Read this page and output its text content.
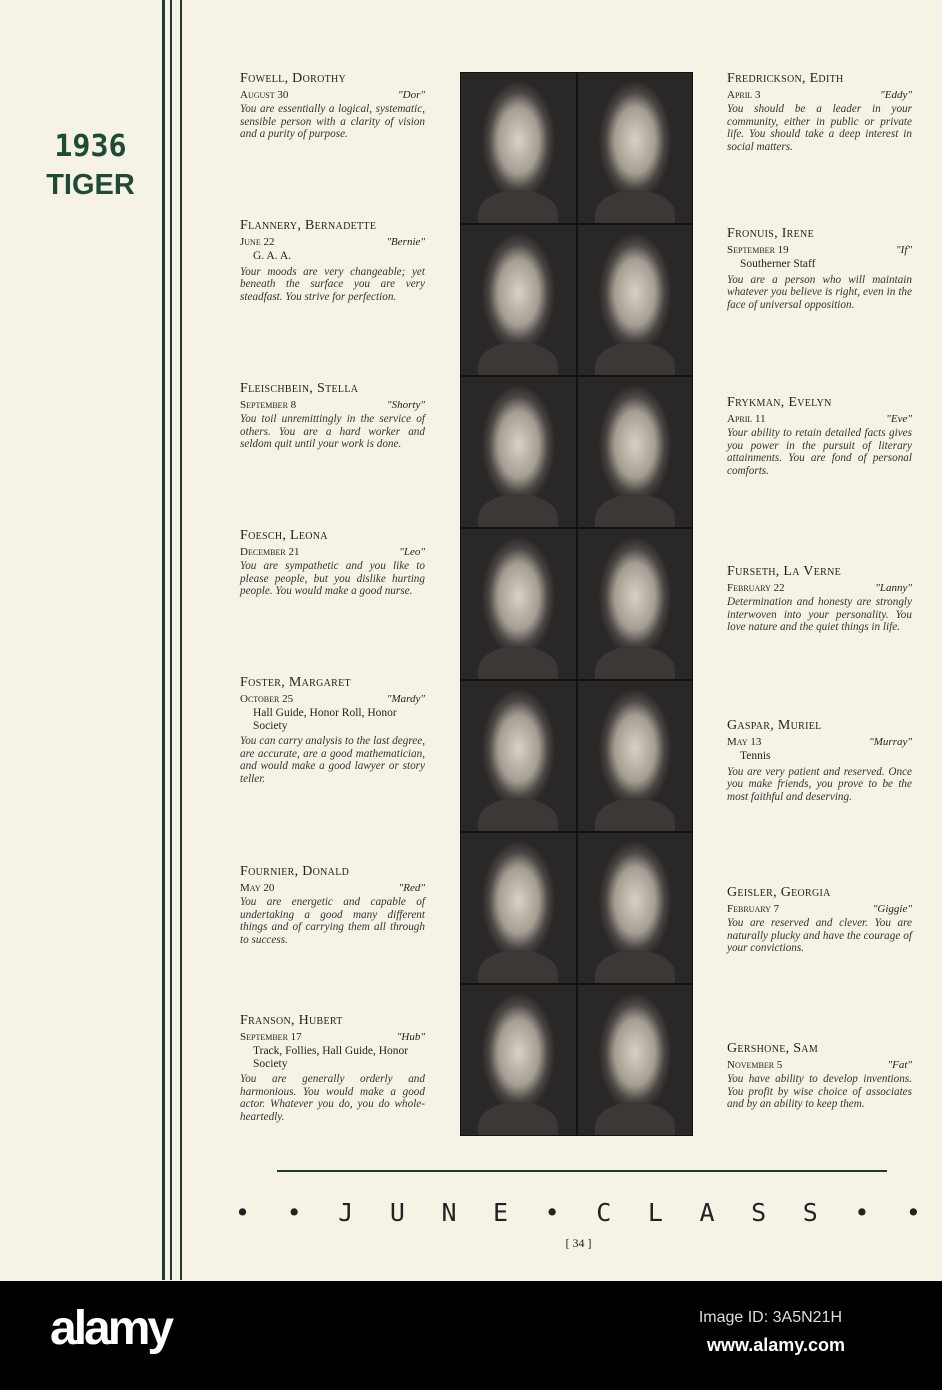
1936
TIGER
Fowell, Dorothy
August 30	"Dor"
You are essentially a logical, systematic, sensible person with a clarity of vision and a purity of purpose.
Flannery, Bernadette
June 22	"Bernie"
G. A. A.
Your moods are very changeable; yet beneath the surface you are very steadfast. You strive for perfection.
Fleischbein, Stella
September 8	"Shorty"
You toil unremittingly in the service of others. You are a hard worker and seldom quit until your work is done.
Foesch, Leona
December 21	"Leo"
You are sympathetic and you like to please people, but you dislike hurting people. You would make a good nurse.
Foster, Margaret
October 25	"Mardy"
Hall Guide, Honor Roll, Honor Society
You can carry analysis to the last degree, are accurate, are a good mathematician, and would make a good lawyer or story teller.
Fournier, Donald
May 20	"Red"
You are energetic and capable of undertaking a good many different things and of carrying them all through to success.
Franson, Hubert
September 17	"Hub"
Track, Follies, Hall Guide, Honor Society
You are generally orderly and harmonious. You would make a good actor. Whatever you do, you do whole-heartedly.
Fredrickson, Edith
April 3	"Eddy"
You should be a leader in your community, either in public or private life. You should take a deep interest in social matters.
Fronuis, Irene
September 19	"If"
Southerner Staff
You are a person who will maintain whatever you believe is right, even in the face of universal opposition.
Frykman, Evelyn
April 11	"Eve"
Your ability to retain detailed facts gives you power in the pursuit of literary attainments. You are fond of personal comforts.
Furseth, La Verne
February 22	"Lanny"
Determination and honesty are strongly interwoven into your personality. You love nature and the quiet things in life.
Gaspar, Muriel
May 13	"Murray"
Tennis
You are very patient and reserved. Once you make friends, you prove to be the most faithful and deserving.
Geisler, Georgia
February 7	"Giggie"
You are reserved and clever. You are naturally plucky and have the courage of your convictions.
Gershone, Sam
November 5	"Fat"
You have ability to develop inventions. You profit by wise choice of associates and by an ability to keep them.
• • J U N E • C L A S S • •
[ 34 ]
alamy	Image ID: 3A5N21H
www.alamy.com
